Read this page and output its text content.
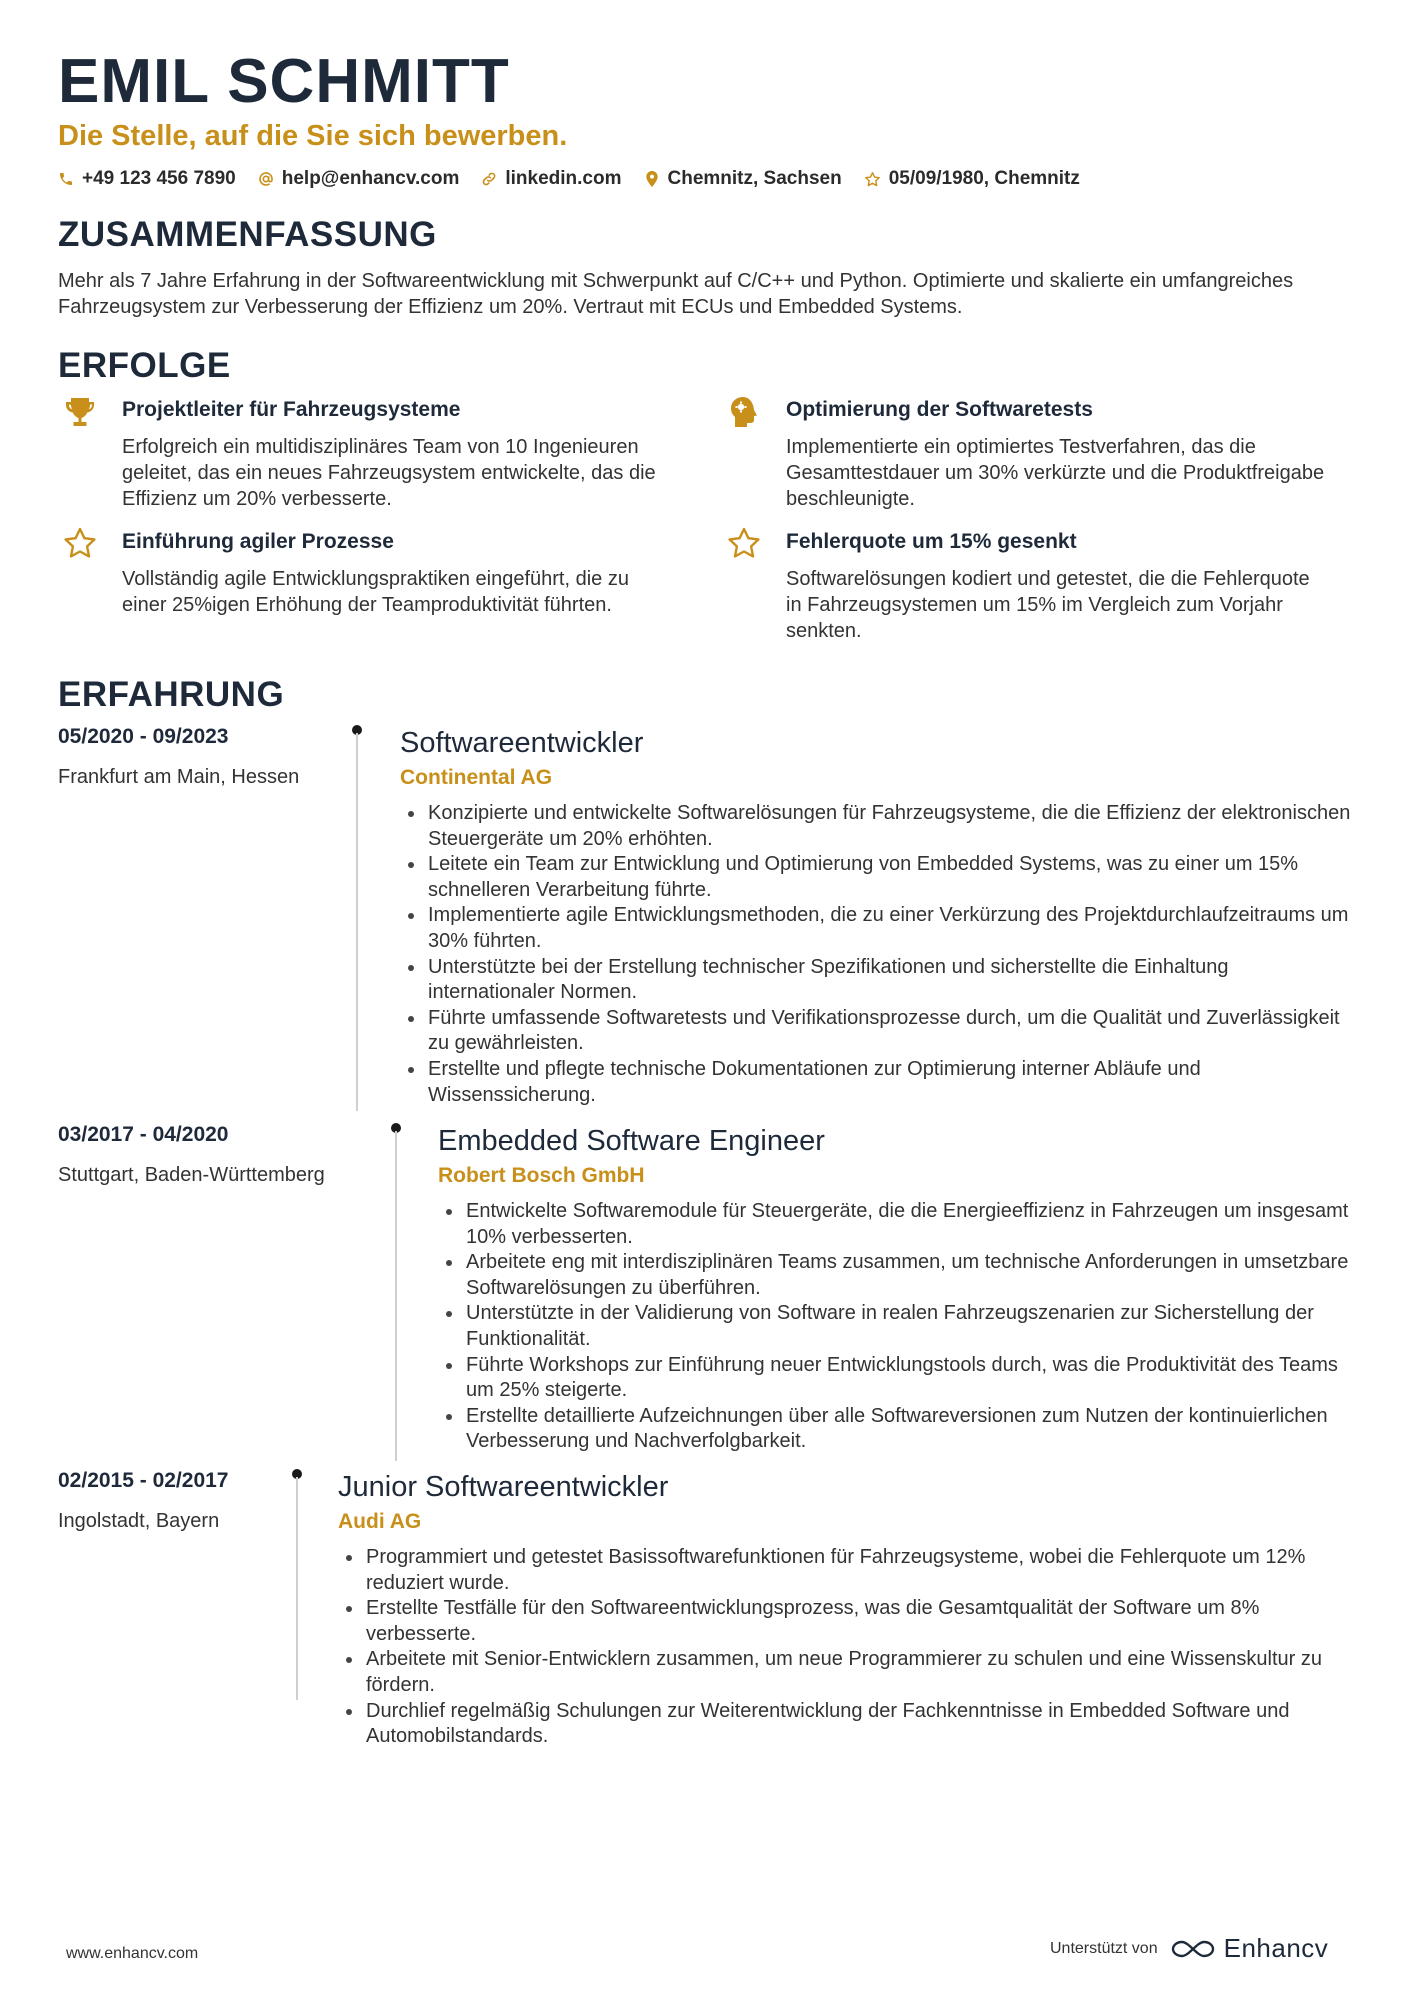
EMIL SCHMITT

Die Stelle, auf die Sie sich bewerben.

+49 123 456 7890 help@enhancv.com linkedin.com Chemnitz, Sachsen 05/09/1980, Chemnitz
ZUSAMMENFASSUNG

Mehr als 7 Jahre Erfahrung in der Softwareentwicklung mit Schwerpunkt auf C/C++ und Python. Optimierte und skalierte ein umfangreiches Fahrzeugsystem zur Verbesserung der Effizienz um 20%. Vertraut mit ECUs und Embedded Systems.

ERFOLGE

Projektleiter für Fahrzeugsysteme

Erfolgreich ein multidisziplinäres Team von 10 Ingenieuren geleitet, das ein neues Fahrzeugsystem entwickelte, das die Effizienz um 20% verbesserte.

Optimierung der Softwaretests

Implementierte ein optimiertes Testverfahren, das die Gesamttestdauer um 30% verkürzte und die Produktfreigabe beschleunigte.

Einführung agiler Prozesse

Vollständig agile Entwicklungspraktiken eingeführt, die zu einer 25%igen Erhöhung der Teamproduktivität führten.

Fehlerquote um 15% gesenkt

Softwarelösungen kodiert und getestet, die die Fehlerquote in Fahrzeugsystemen um 15% im Vergleich zum Vorjahr senkten.

ERFAHRUNG

05/2020 - 09/2023

Frankfurt am Main, Hessen

Softwareentwickler

Continental AG

Konzipierte und entwickelte Softwarelösungen für Fahrzeugsysteme, die die Effizienz der elektronischen Steuergeräte um 20% erhöhten.
Leitete ein Team zur Entwicklung und Optimierung von Embedded Systems, was zu einer um 15% schnelleren Verarbeitung führte.
Implementierte agile Entwicklungsmethoden, die zu einer Verkürzung des Projektdurchlaufzeitraums um 30% führten.
Unterstützte bei der Erstellung technischer Spezifikationen und sicherstellte die Einhaltung internationaler Normen.
Führte umfassende Softwaretests und Verifikationsprozesse durch, um die Qualität und Zuverlässigkeit zu gewährleisten.
Erstellte und pflegte technische Dokumentationen zur Optimierung interner Abläufe und Wissenssicherung.

03/2017 - 04/2020

Stuttgart, Baden-Württemberg

Embedded Software Engineer

Robert Bosch GmbH

Entwickelte Softwaremodule für Steuergeräte, die die Energieeffizienz in Fahrzeugen um insgesamt 10% verbesserten.
Arbeitete eng mit interdisziplinären Teams zusammen, um technische Anforderungen in umsetzbare Softwarelösungen zu überführen.
Unterstützte in der Validierung von Software in realen Fahrzeugszenarien zur Sicherstellung der Funktionalität.
Führte Workshops zur Einführung neuer Entwicklungstools durch, was die Produktivität des Teams um 25% steigerte.
Erstellte detaillierte Aufzeichnungen über alle Softwareversionen zum Nutzen der kontinuierlichen Verbesserung und Nachverfolgbarkeit.

02/2015 - 02/2017

Ingolstadt, Bayern

Junior Softwareentwickler

Audi AG

Programmiert und getestet Basissoftwarefunktionen für Fahrzeugsysteme, wobei die Fehlerquote um 12% reduziert wurde.
Erstellte Testfälle für den Softwareentwicklungsprozess, was die Gesamtqualität der Software um 8% verbesserte.
Arbeitete mit Senior-Entwicklern zusammen, um neue Programmierer zu schulen und eine Wissenskultur zu fördern.
Durchlief regelmäßig Schulungen zur Weiterentwicklung der Fachkenntnisse in Embedded Software und Automobilstandards.
www.enhancv.com	Unterstützt von	Enhancv
